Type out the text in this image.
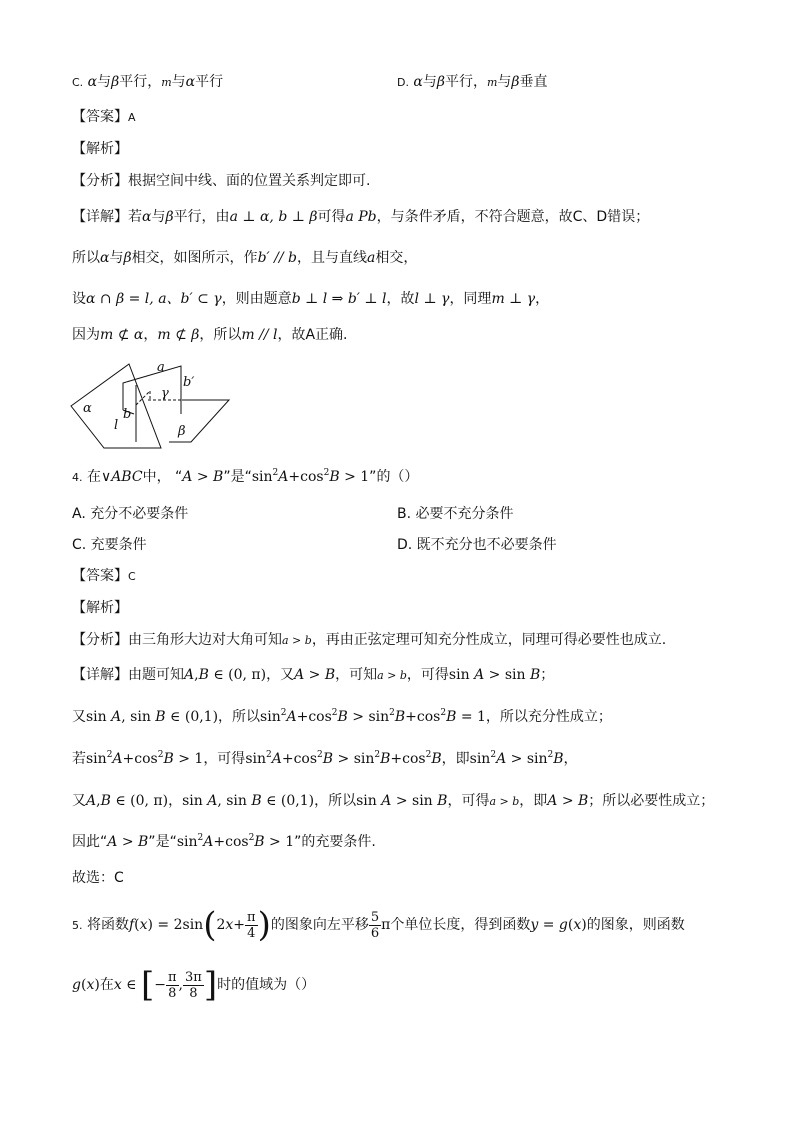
C. α与β平行，m与α平行	D. α与β平行，m与β垂直
【答案】A
【解析】
【分析】根据空间中线、面的位置关系判定即可.
【详解】若α与β平行，由a ⊥ α, b ⊥ β可得a Pb，与条件矛盾，不符合题意，故C、D错误；
所以α与β相交，如图所示，作b′ // b，且与直线a相交，
设α ∩ β = l, a、b′ ⊂ γ，则由题意b ⊥ l ⇒ b′ ⊥ l，故l ⊥ γ，同理m ⊥ γ，
因为m ⊄ α，m ⊄ β，所以m // l，故A正确.
α
β
γ
a
b
b′
l
4. 在∨ABC中， “A > B”是“$\sin^2A+\cos^2B > 1$”的（）
A. 充分不必要条件	B. 必要不充分条件
C. 充要条件	D. 既不充分也不必要条件
【答案】C
【解析】
【分析】由三角形大边对大角可知a > b，再由正弦定理可知充分性成立，同理可得必要性也成立.
【详解】由题可知A,B ∈ (0, π)，又A > B，可知a > b，可得sin A > sin B；
又sin A, sin B ∈ (0,1)，所以$\sin^2A+\cos^2B > \sin^2B+\cos^2B = 1$，所以充分性成立；
若$\sin^2A+\cos^2B > 1$，可得$\sin^2A+\cos^2B > \sin^2B+\cos^2B$，即$\sin^2A > \sin^2B$，
又A,B ∈ (0, π)，sin A, sin B ∈ (0,1)，所以sin A > sin B，可得a > b，即A > B；所以必要性成立；
因此“A > B”是“$\sin^2A+\cos^2B > 1$”的充要条件.
故选：C
5. 将函数$f(x) = 2\sin(2x+ \frac{\pi}{4}$ )的图象向左平移 $\frac{5}{6}$ π个单位长度，得到函数y = g(x)的图象，则函数
g(x)在x ∈ [− $\frac{\pi}{8}$ , $\frac{3\pi}{8}$ ]时的值域为（）
